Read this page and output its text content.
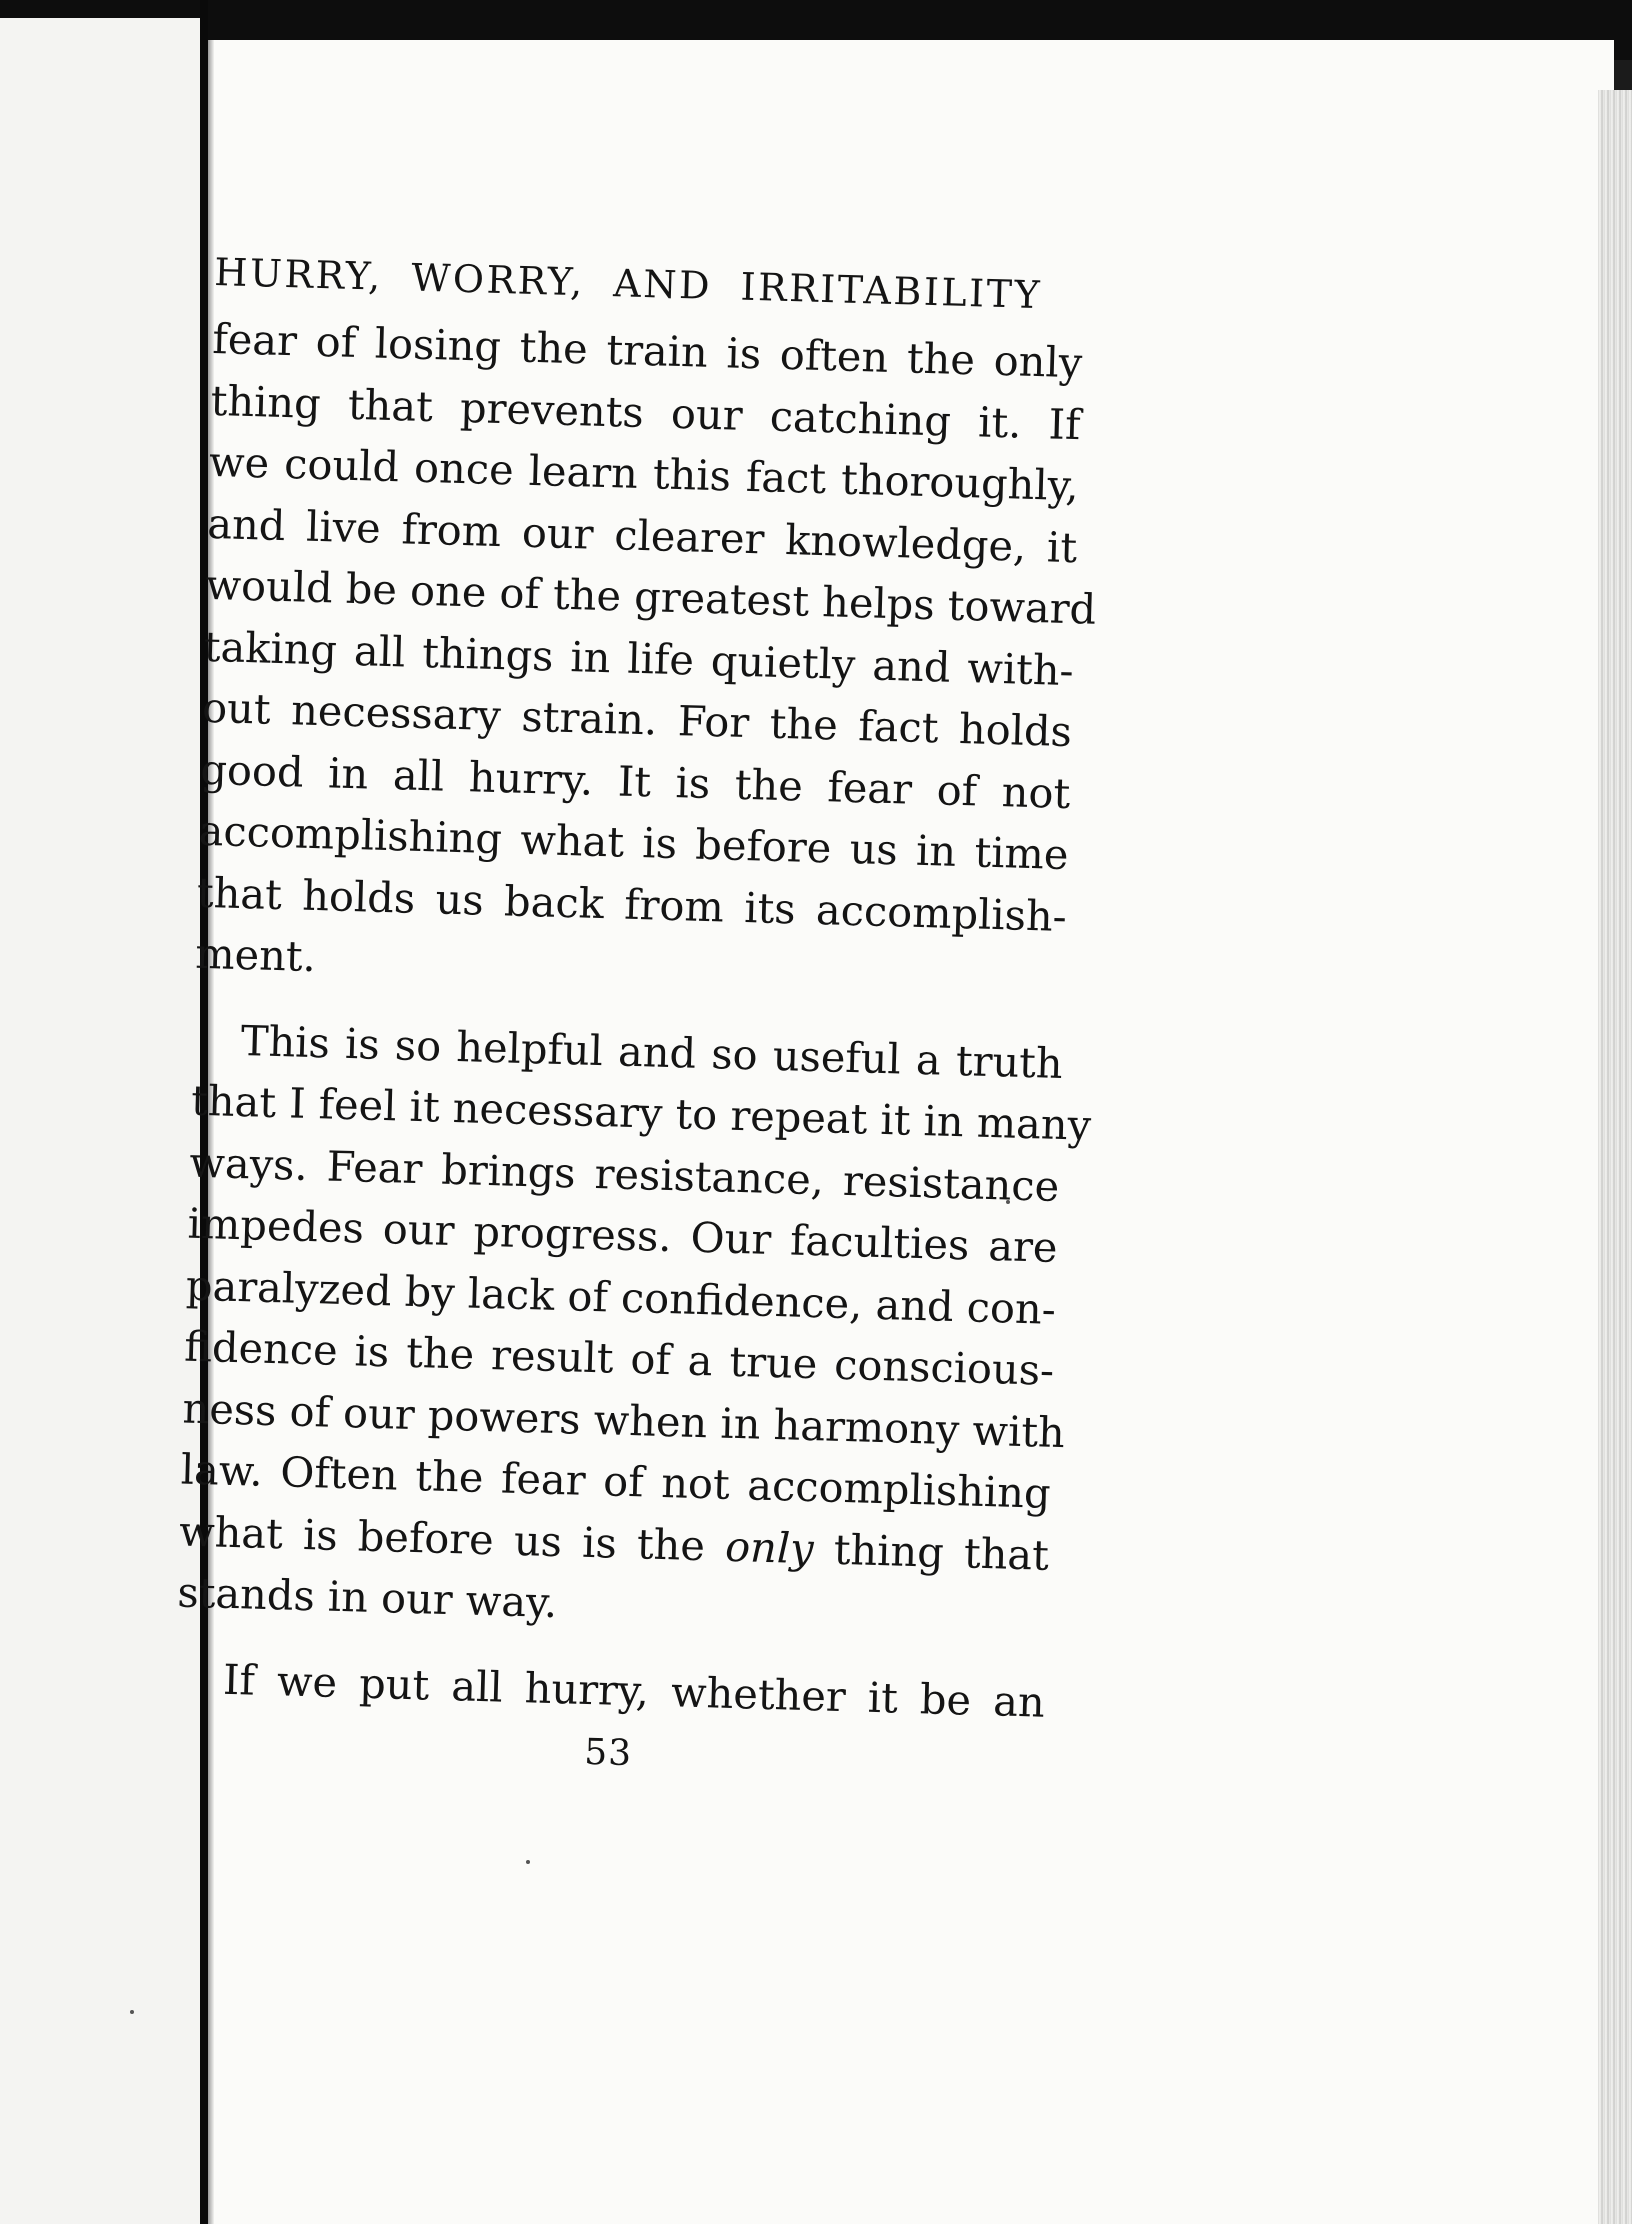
HURRY, WORRY, AND IRRITABILITY
fear of losing the train is often the only
thing that prevents our catching it. If
we could once learn this fact thoroughly,
and live from our clearer knowledge, it
would be one of the greatest helps toward
taking all things in life quietly and with-
out necessary strain. For the fact holds
good in all hurry. It is the fear of not
accomplishing what is before us in time
that holds us back from its accomplish-
ment.
This is so helpful and so useful a truth
that I feel it necessary to repeat it in many
ways. Fear brings resistance, resistance
impedes our progress. Our faculties are
paralyzed by lack of confidence, and con-
fidence is the result of a true conscious-
ness of our powers when in harmony with
law. Often the fear of not accomplishing
what is before us is the only thing that
stands in our way.
If we put all hurry, whether it be an
53
